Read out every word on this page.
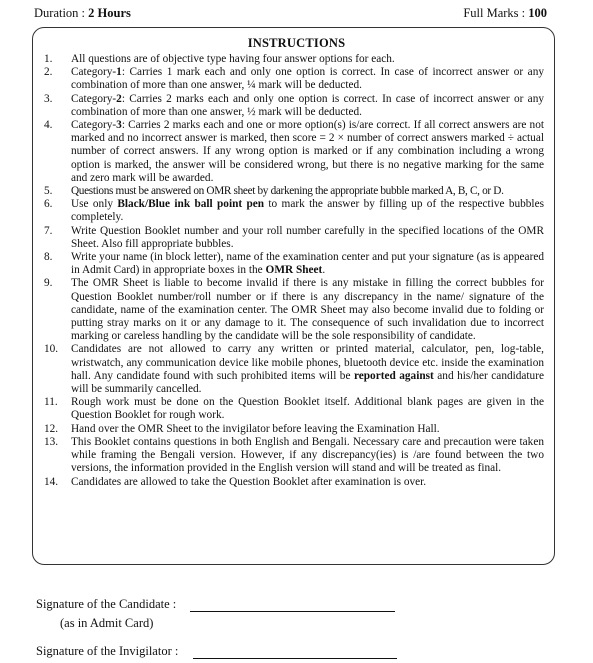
Duration : 2 Hours	Full Marks : 100
INSTRUCTIONS
1.	All questions are of objective type having four answer options for each.
2.	Category-1: Carries 1 mark each and only one option is correct. In case of incorrect answer or any combination of more than one answer, ¼ mark will be deducted.
3.	Category-2: Carries 2 marks each and only one option is correct. In case of incorrect answer or any combination of more than one answer, ½ mark will be deducted.
4.	Category-3: Carries 2 marks each and one or more option(s) is/are correct. If all correct answers are not marked and no incorrect answer is marked, then score = 2 × number of correct answers marked ÷ actual number of correct answers. If any wrong option is marked or if any combination including a wrong option is marked, the answer will be considered wrong, but there is no negative marking for the same and zero mark will be awarded.
5.	Questions must be answered on OMR sheet by darkening the appropriate bubble marked A, B, C, or D.
6.	Use only Black/Blue ink ball point pen to mark the answer by filling up of the respective bubbles completely.
7.	Write Question Booklet number and your roll number carefully in the specified locations of the OMR Sheet. Also fill appropriate bubbles.
8.	Write your name (in block letter), name of the examination center and put your signature (as is appeared in Admit Card) in appropriate boxes in the OMR Sheet.
9.	The OMR Sheet is liable to become invalid if there is any mistake in filling the correct bubbles for Question Booklet number/roll number or if there is any discrepancy in the name/ signature of the candidate, name of the examination center. The OMR Sheet may also become invalid due to folding or putting stray marks on it or any damage to it. The consequence of such invalidation due to incorrect marking or careless handling by the candidate will be the sole responsibility of candidate.
10.	Candidates are not allowed to carry any written or printed material, calculator, pen, log-table, wristwatch, any communication device like mobile phones, bluetooth device etc. inside the examination hall. Any candidate found with such prohibited items will be reported against and his/her candidature will be summarily cancelled.
11.	Rough work must be done on the Question Booklet itself. Additional blank pages are given in the Question Booklet for rough work.
12.	Hand over the OMR Sheet to the invigilator before leaving the Examination Hall.
13.	This Booklet contains questions in both English and Bengali. Necessary care and precaution were taken while framing the Bengali version. However, if any discrepancy(ies) is /are found between the two versions, the information provided in the English version will stand and will be treated as final.
14.	Candidates are allowed to take the Question Booklet after examination is over.
Signature of the Candidate :
(as in Admit Card)
Signature of the Invigilator :
